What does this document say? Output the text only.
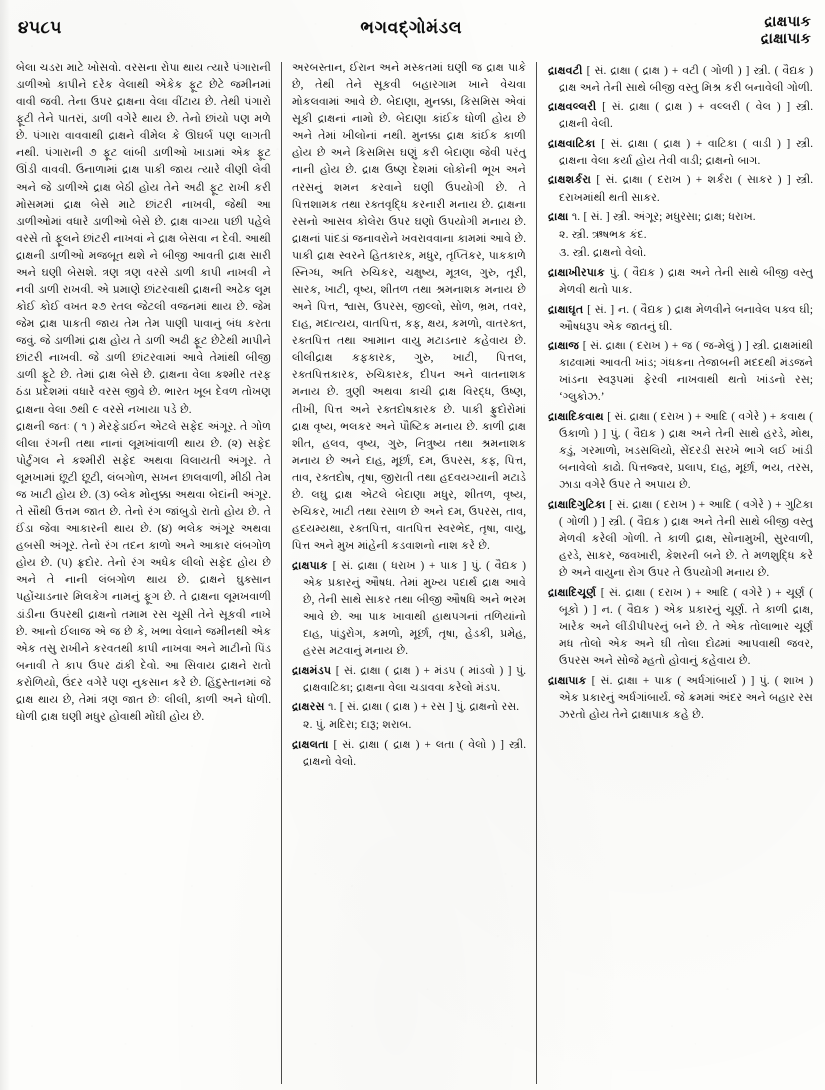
૪૫૮૫	ભગવદ્‌ગોમંડલ	દ્રાક્ષપાક
દ્રાક્ષાપાક

બેલા ચડરા માટે ખોસવો. વરસના રોપા થાય ત્યારે પંગારાની ડાળીઓ કાપીને દરેક વેલાથી એકેક ફૂટ છેટે જમીનમાં વાવી જવી. તેના ઉપર દ્રાક્ષના વેલા વીંટાય છે. તેથી પંગારો ફૂટી તેને પાતરાં, ડાળી વગેરે થાય છે. તેનો છાંયો પણ મળે છે. પંગારા વાવવાથી દ્રાક્ષને વીમેલ કે ઊઘર્બ પણ લાગતી નથી. પંગારાની ૭ ફૂટ લાંબી ડાળીઓ ખાડામાં એક ફૂટ ઊંડી વાવવી. ઉનાળામાં દ્રાક્ષ પાકી જાય ત્યારે વીણી લેવી અને જે ડાળીએ દ્રાક્ષ બેઠી હોય તેને અઢી ફૂટ રાખી કરી મોસમમાં દ્રાક્ષ બેસે માટે છાંટરી નાખવી, જેથી આ ડાળીઓમાં વધારે ડાળીઓ બેસે છે. દ્રાક્ષ વાગ્યા પછી પહેલે વરસે તો ફૂલને છાંટરી નાખવાં ને દ્રાક્ષ બેસવા ન દેવી. આથી દ્રાક્ષની ડાળીઓ મજબૂત થશે ને બીજી આવતી દ્રાક્ષ સારી અને ઘણી બેસશે. ત્રણ ત્રણ વરસે ડાળી કાપી નાખવી ને નવી ડાળી રાખવી. એ પ્રમાણે છાંટરવાથી દ્રાક્ષની અઢેક લૂમ કોઈ કોઈ વખત ૨૭ રતલ જેટલી વજનમાં થાય છે. જેમ જેમ દ્રાક્ષ પાકતી જાય તેમ તેમ પાણી પાવાનું બંધ કરતા જવું. જે ડાળીમાં દ્રાક્ષ હોય તે ડાળી અઢી ફૂટ છેટેથી માપીને છાંટરી નાખવી. જે ડાળી છાંટરવામાં આવે તેમાંથી બીજી ડાળી ફૂટે છે. તેમાં દ્રાક્ષ બેસે છે. દ્રાક્ષના વેલા કશ્મીર તરફ ઠંડા પ્રદેશમાં વધારે વરસ જીવે છે. ભારત ખૂબ દેવળ તોખણ દ્રાક્ષના વેલા ૭થી ૯ વરસે નખાયા પડે છે.

દ્રાક્ષની જતઃ ( ૧ ) મેરફેડાઈન એટલે સફેદ અંગૂર. તે ગોળ લીલા રંગની તથા નાનાં લૂમખાંવાળી થાય છે. (૨) સફેદ પોર્ટુગલ ને કશ્મીરી સફેદ અથવા વિલાયતી અંગૂર. તે લૂમખામાં છૂટી છૂટી, લંબગોળ, સખન છાલવાળી, મીઠી તેમ જ ખાટી હોય છે. (૩) બ્લેક મોનુક્કા અથવા બેદાંની અંગૂર. તે સૌથી ઉત્તમ જાત છે. તેનો રંગ જાંબુડો રાતો હોય છે. તે ઈંડા જેવા આકારની થાય છે. (૪) ભલેક અંગૂર અથવા હબસી અંગૂર. તેનો રંગ તદન કાળો અને આકાર લંબગોળ હોય છે. (૫) ફ્રદોર. તેનો રંગ અધેક લીલો સફેદ હોય છે અને તે નાની લંબગોળ થાય છે. દ્રાક્ષને ઘુક્સાન પહોંચાડનાર મિલકેગ નામનું ફૂગ છે. તે દ્રાક્ષના લૂમખવાળી ડાંડીના ઉપરથી દ્રાક્ષનો તમામ રસ ચૂસી તેને સૂકવી નાખે છે. આનો ઈલાજ એ જ છે કે, ખભા વેલાને જમીનથી એક એક તસુ રાખીને કરવતથી કાપી નાખવા અને માટીનો પિંડ બનાવી તે કાપ ઉપર ઢાંકી દેવો. આ સિવાય દ્રાક્ષને રાતો કરોળિયો, ઉંદર વગેરે પણ નુકસાન કરે છે. હિંદુસ્તાનમાં જે દ્રાક્ષ થાય છે, તેમાં ત્રણ જાત છેઃ લીલી, કાળી અને ધોળી. ધોળી દ્રાક્ષ ઘણી મધુર હોવાથી મોંઘી હોય છે.

અરબસ્તાન, ઈરાન અને મસ્કતમાં ઘણી જ દ્રાક્ષ પાકે છે, તેથી તેને સૂકવી બહારગામ ખાને વેચવા મોકલવામાં આવે છે. બેદાણા, મુનક્કા, કિસમિસ એવાં સૂકી દ્રાક્ષનાં નામો છે. બેદાણા કાંઈક ધોળી હોય છે અને તેમાં ખીલોનાં નથી. મુનક્કા દ્રાક્ષ કાંઈક કાળી હોય છે અને કિસમિસ ઘણું કરી બેદાણા જેવી પરંતુ નાની હોય છે. દ્રાક્ષ ઉષ્ણ દેશમાં લોકોની ભૂખ અને તરસનું શમન કરવાને ઘણી ઉપયોગી છે. તે પિત્તશામક તથા રક્તવૃદ્ધિ કરનારી મનાય છે. દ્રાક્ષના રસનો આસવ કોલેરા ઉપર ઘણો ઉપયોગી મનાય છે. દ્રાક્ષનાં પાંદડાં જનાવરોને ખવરાવવાના કામમાં આવે છે. પાકી દ્રાક્ષ સ્વરને હિતકારક, મધુર, તૃપ્તિકર, પાકકાળે સ્નિગ્ધ, અતિ રુચિકર, ચક્ષુષ્ય, મૂત્રલ, ગુરુ, તૂરી, સારક, ખાટી, વૃષ્ય, શીતળ તથા શ્રમનાશક મનાય છે અને પિત્ત, શ્વાસ, ઉપરસ, જીલ્લો, સોળ, ભ્રમ, તવર, દાહ, મદાત્યય, વાતપિત્ત, કફ, ક્ષય, કમળો, વાતરક્ત, રક્તપિત્ત તથા આમાન વાયુ મટાડનાર કહેવાય છે. લીલીદ્રાક્ષ કફકારક, ગુરુ, ખાટી, પિત્તલ, રક્તપિત્તકારક, રુચિકારક, દીપન અને વાતનાશક મનાય છે. ત્રુણી અથવા કાચી દ્રાક્ષ વિરદ્ધ, ઉષ્ણ, તીખી, પિત્ત અને રક્તદોષકારક છે. પાકી ફ્રુદોરોમાં દ્રાક્ષ વૃષ્ય, ભલકર અને પૌષ્ટિક મનાય છે. કાળી દ્રાક્ષ શીત, હલવ, વૃષ્ય, ગુરુ, નિત્રુષ્ય તથા શ્રમનાશક મનાય છે અને દાહ, મૂર્છા, દમ, ઉપરસ, કફ, પિત્ત, તાવ, રક્તદોષ, તૃષા, જીરાતી તથા હદવયગ્યાની મટાડે છે. લઘુ દ્રાક્ષ એટલે બેદાણા મધુર, શીતળ, વૃષ્ય, રુચિકર, ખાટી તથા રસાળ છે અને દમ, ઉપરસ, તાવ, હદયમ્યથા, રક્તપિત્ત, વાતપિત્ત સ્વરભેદ, તૃષા, વાયુ, પિત્ત અને મુખ માંહેની કડવાશનો નાશ કરે છે.

દ્રાક્ષપાક [ સં. દ્રાક્ષા ( ધરાખ ) + પાક ] પું. ( વૈદ્યક ) એક પ્રકારનું ઔષધ. તેમાં મુખ્ય પદાર્થ દ્રાક્ષ આવે છે, તેની સાથે સાકર તથા બીજી ઔષધિ અને ભરમ આવે છે. આ પાક ખાવાથી હાથપગનાં તળિયાંનો દાહ, પાંડુરોગ, કમળો, મૂર્છા, તૃષા, હેડકી, પ્રમેહ, હરસ મટવાનું મનાય છે.

દ્રાક્ષમંડપ [ સં. દ્રાક્ષા ( દ્રાક્ષ ) + મંડપ ( માંડવો ) ] પું. દ્રાક્ષવાટિકા; દ્રાક્ષના વેલા ચડાવવા કરેલો મંડપ.

દ્રાક્ષરસ ૧. [ સં. દ્રાક્ષા ( દ્રાક્ષ ) + રસ ] પું. દ્રાક્ષનો રસ.

૨. પું. મદિરા; દારૂ; શરાબ.

દ્રાક્ષલતા [ સં. દ્રાક્ષા ( દ્રાક્ષ ) + લતા ( વેલો ) ] સ્ત્રી. દ્રાક્ષનો વેલો.

દ્રાક્ષવટી [ સં. દ્રાક્ષા ( દ્રાક્ષ ) + વટી ( ગોળી ) ] સ્ત્રી. ( વૈદ્યક ) દ્રાક્ષ અને તેની સાથે બીજી વસ્તુ મિશ્ર કરી બનાવેલી ગોળી.

દ્રાક્ષવલ્લરી [ સં. દ્રાક્ષા ( દ્રાક્ષ ) + વલ્લરી ( વેલ ) ] સ્ત્રી. દ્રાક્ષની વેલી.

દ્રાક્ષવાટિકા [ સં. દ્રાક્ષા ( દ્રાક્ષ ) + વાટિકા ( વાડી ) ] સ્ત્રી. દ્રાક્ષના વેલા કર્યા હોય તેવી વાડી; દ્રાક્ષનો બાગ.

દ્રાક્ષશર્કરા [ સં. દ્રાક્ષા ( દરાખ ) + શર્કરા ( સાકર ) ] સ્ત્રી. દરાખમાંથી થતી સાકર.

દ્રાક્ષા ૧. [ સં. ] સ્ત્રી. અંગૂર; મધુરસા; દ્રાક્ષ; ધરાખ.

૨. સ્ત્રી. ઋષભક કંદ.

૩. સ્ત્રી. દ્રાક્ષનો વેલો.

દ્રાક્ષાખીરપાક પું. ( વૈદ્યક ) દ્રાક્ષ અને તેની સાથે બીજી વસ્તુ મેળવી થતો પાક.

દ્રાક્ષાઘૃત [ સં. ] ન. ( વૈદ્યક ) દ્રાક્ષ મેળવીને બનાવેલ પક્વ ઘી; ઔષધરૂપ એક જાતનું ઘી.

દ્રાક્ષાજ [ સં. દ્રાક્ષા ( દરાખ ) + જ ( જ-મેલું ) ] સ્ત્રી. દ્રાક્ષમાંથી કાઢવામાં આવતી ખાંડ; ગંધકના તેજાબની મદદથી મંડજને ખાંડના સ્વરૂપમાં ફેરવી નાખવાથી થતો ખાંડનો રસ; ‘ગ્લુકોઝ.’

દ્રાક્ષાદિકવાથ [ સં. દ્રાક્ષા ( દરાખ ) + આદિ ( વગેરે ) + કવાથ ( ઉકાળો ) ] પું. ( વૈદ્યક ) દ્રાક્ષ અને તેની સાથે હરડે, મોથ, કડું, ગરમાળો, ખડસલિયો, સેંદરડી સરખે ભાગે લઈ ખાંડી બનાવેલો કાઢો. પિત્તજ્વર, પ્રલાપ, દાહ, મૂર્છા, ભય, તરસ, ઝાડા વગેરે ઉપર તે અપાય છે.

દ્રાક્ષાદિગુટિકા [ સં. દ્રાક્ષા ( દરાખ ) + આદિ ( વગેરે ) + ગુટિકા ( ગોળી ) ] સ્ત્રી. ( વૈદ્યક ) દ્રાક્ષ અને તેની સાથે બીજી વસ્તુ મેળવી કરેલી ગોળી. તે કાળી દ્રાક્ષ, સોનામુખી, સુરવાળી, હરડે, સાકર, જવખારી, કેશરની બને છે. તે મળશુદ્ધિ કરે છે અને વાયુના રોગ ઉપર તે ઉપયોગી મનાય છે.

દ્રાક્ષાદિચૂર્ણ [ સં. દ્રાક્ષા ( દરાખ ) + આદિ ( વગેરે ) + ચૂર્ણ ( બૂકો ) ] ન. ( વૈદ્યક ) એક પ્રકારનું ચૂર્ણ. તે કાળી દ્રાક્ષ, ખારેક અને લીંડીપીપરનું બને છે. તે એક તોલાભાર ચૂર્ણ મધ તોલો એક અને ઘી તોલા દોઢમાં આપવાથી જવર, ઉપરસ અને સોજે મ્હતો હોવાનું કહેવાય છે.

દ્રાક્ષાપાક [ સં. દ્રાક્ષા + પાક ( અર્ધગાંબાર્ય ) ] પું. ( શાખ ) એક પ્રકારનું અર્ધગાંબાર્ય. જે ક્રમમાં અંદર અને બહાર રસ ઝરતો હોય તેને દ્રાક્ષાપાક કહે છે.
